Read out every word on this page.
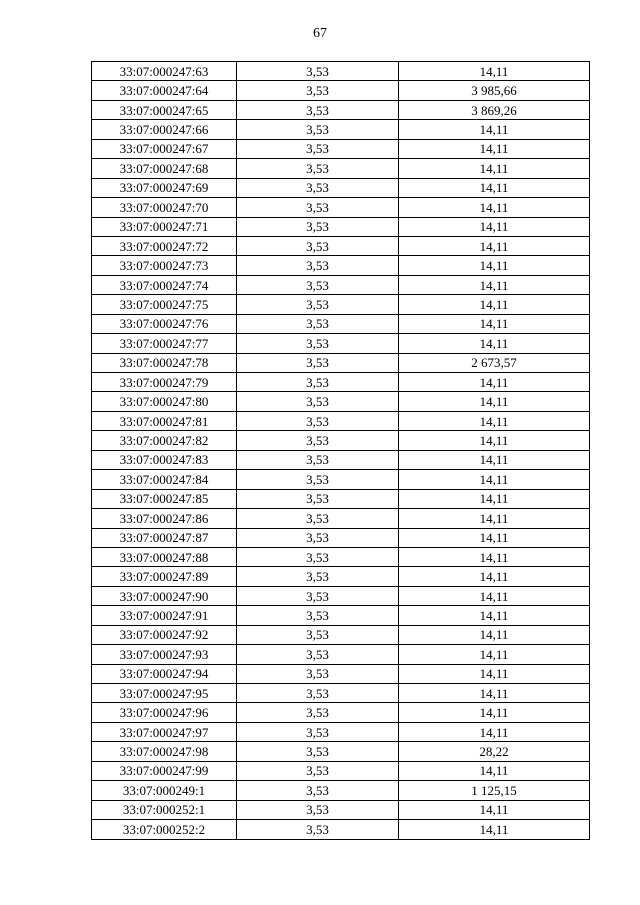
67
33:07:000247:63	3,53	14,11
33:07:000247:64	3,53	3 985,66
33:07:000247:65	3,53	3 869,26
33:07:000247:66	3,53	14,11
33:07:000247:67	3,53	14,11
33:07:000247:68	3,53	14,11
33:07:000247:69	3,53	14,11
33:07:000247:70	3,53	14,11
33:07:000247:71	3,53	14,11
33:07:000247:72	3,53	14,11
33:07:000247:73	3,53	14,11
33:07:000247:74	3,53	14,11
33:07:000247:75	3,53	14,11
33:07:000247:76	3,53	14,11
33:07:000247:77	3,53	14,11
33:07:000247:78	3,53	2 673,57
33:07:000247:79	3,53	14,11
33:07:000247:80	3,53	14,11
33:07:000247:81	3,53	14,11
33:07:000247:82	3,53	14,11
33:07:000247:83	3,53	14,11
33:07:000247:84	3,53	14,11
33:07:000247:85	3,53	14,11
33:07:000247:86	3,53	14,11
33:07:000247:87	3,53	14,11
33:07:000247:88	3,53	14,11
33:07:000247:89	3,53	14,11
33:07:000247:90	3,53	14,11
33:07:000247:91	3,53	14,11
33:07:000247:92	3,53	14,11
33:07:000247:93	3,53	14,11
33:07:000247:94	3,53	14,11
33:07:000247:95	3,53	14,11
33:07:000247:96	3,53	14,11
33:07:000247:97	3,53	14,11
33:07:000247:98	3,53	28,22
33:07:000247:99	3,53	14,11
33:07:000249:1	3,53	1 125,15
33:07:000252:1	3,53	14,11
33:07:000252:2	3,53	14,11
